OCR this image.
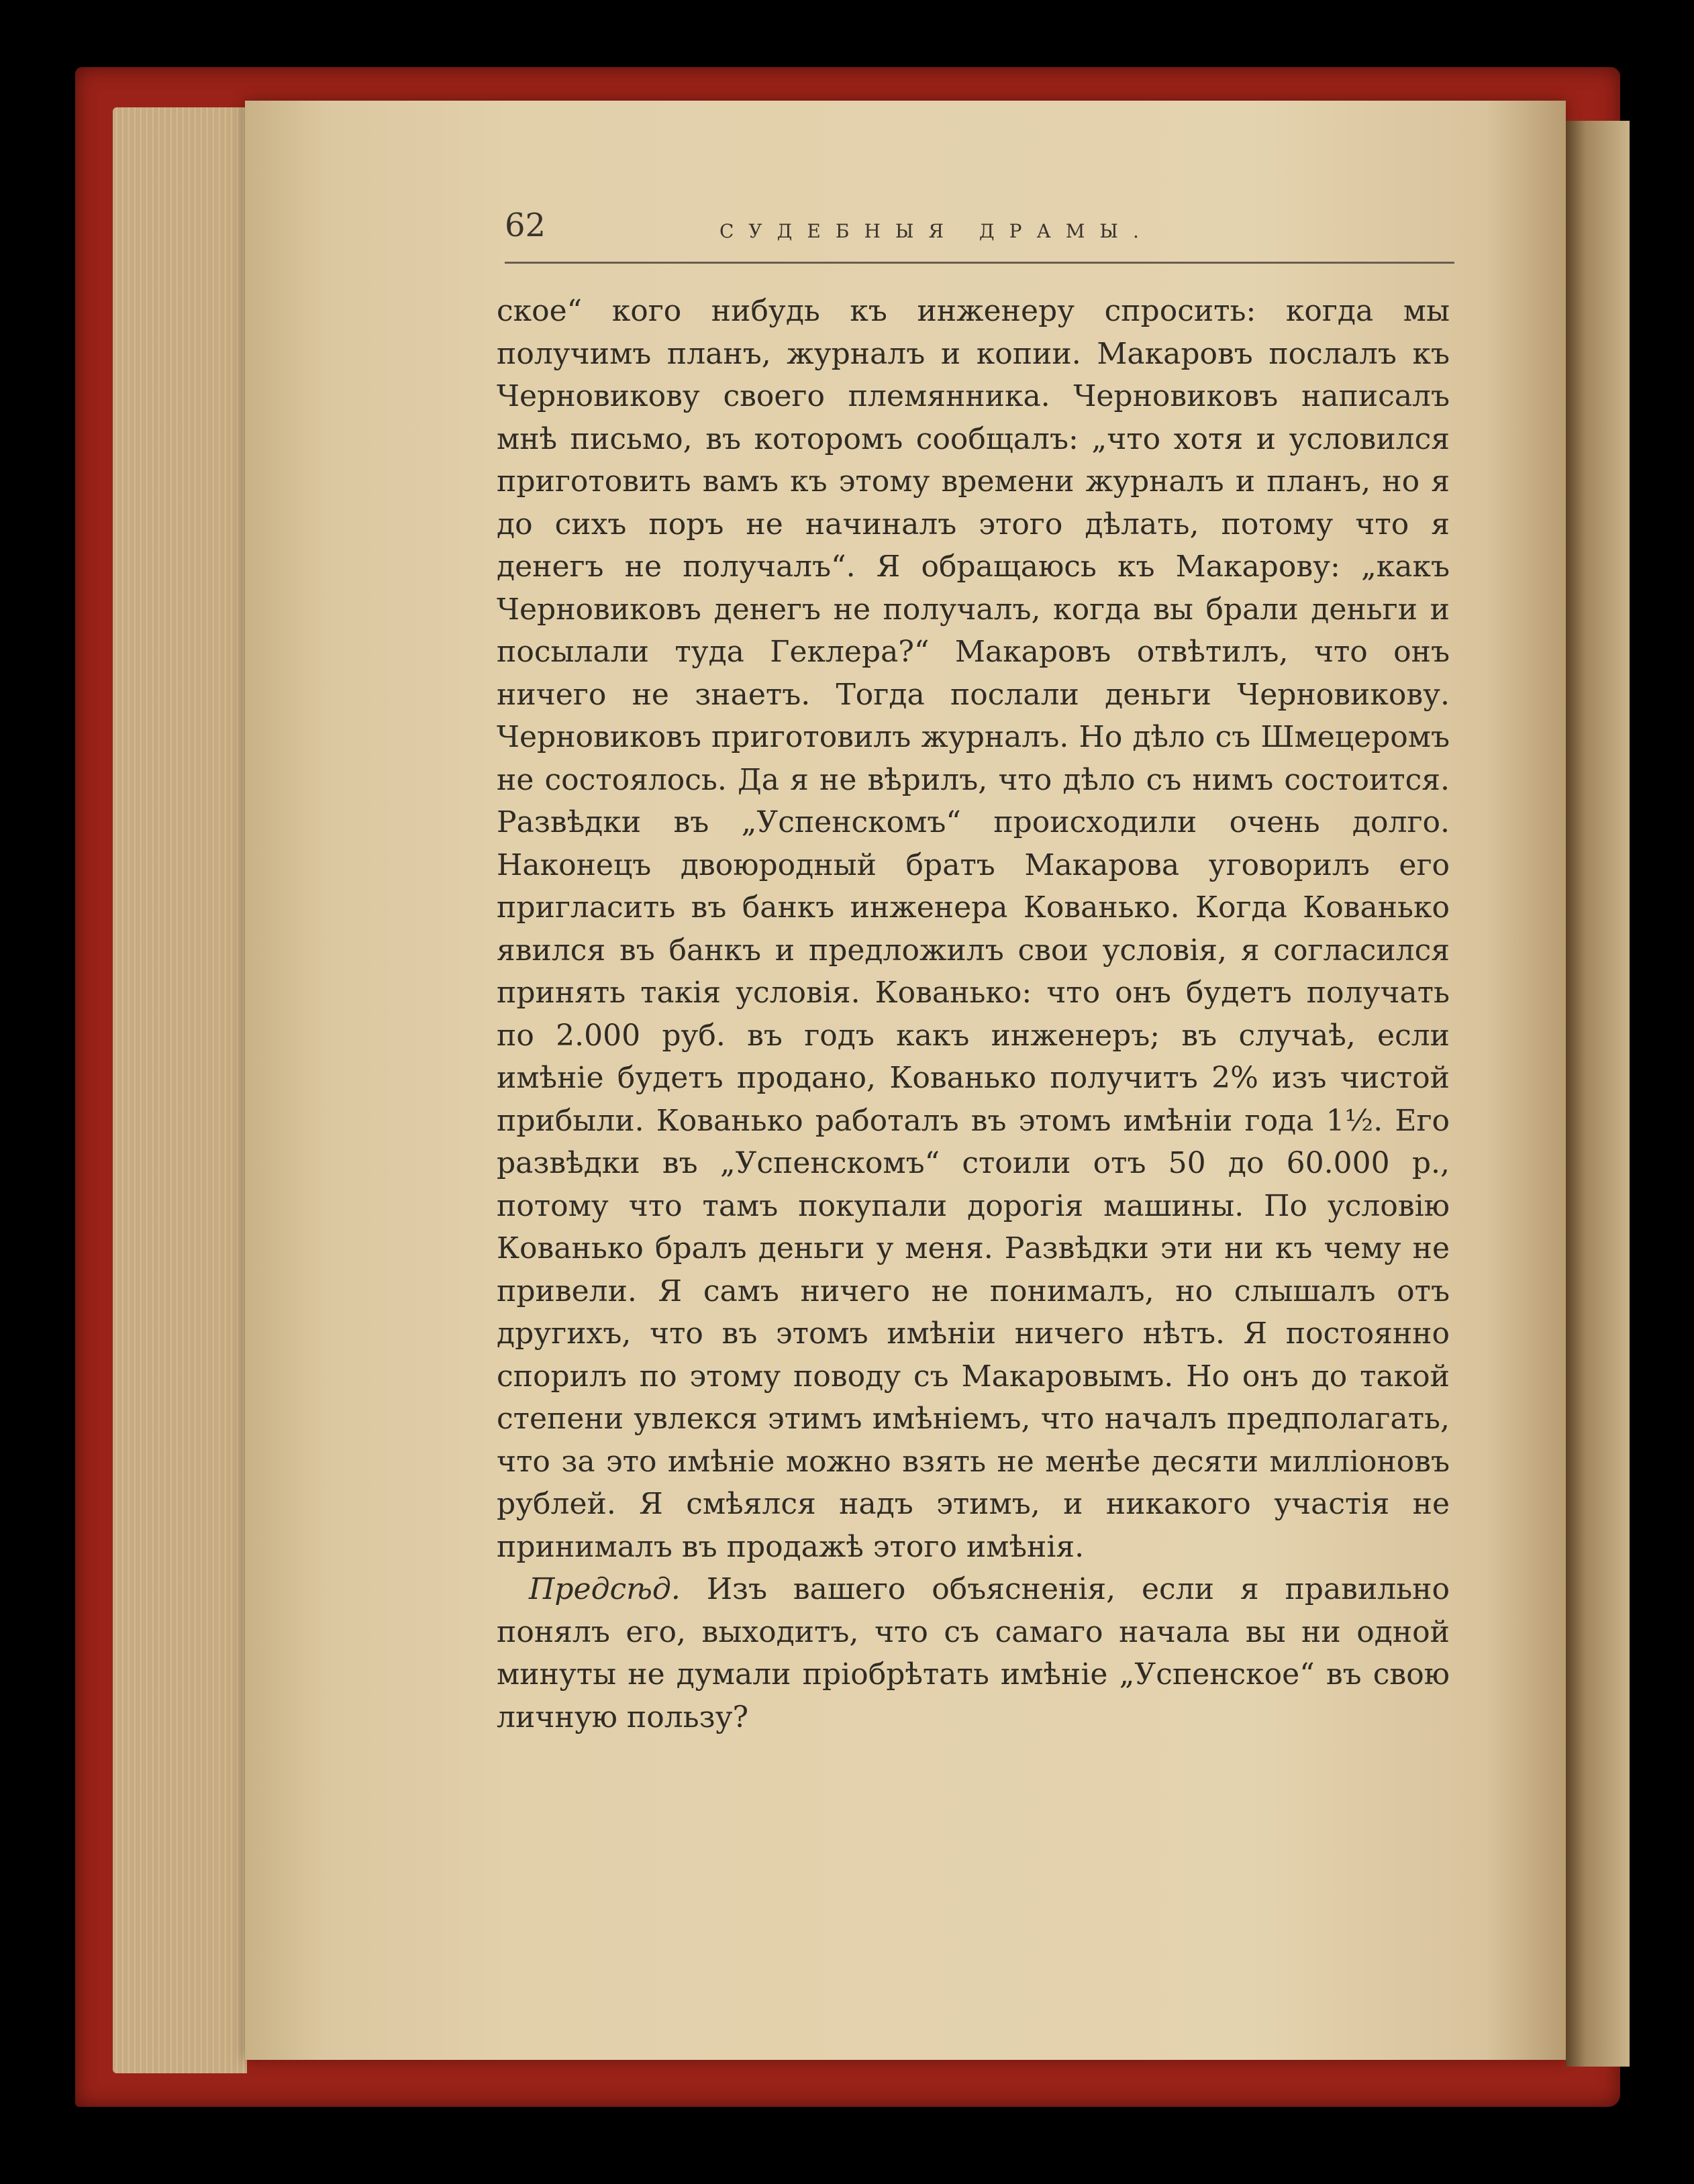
62	СУДЕБНЫЯ ДРАМЫ.

ское“ кого нибудь къ инженеру спросить: когда мы получимъ планъ, журналъ и копии. Макаровъ послалъ къ Черновикову своего племянника. Черновиковъ написалъ мнѣ письмо, въ которомъ сообщалъ: „что хотя и условился приготовить вамъ къ этому времени журналъ и планъ, но я до сихъ поръ не начиналъ этого дѣлать, потому что я денегъ не получалъ“. Я обращаюсь къ Макарову: „какъ Черновиковъ денегъ не получалъ, когда вы брали деньги и посылали туда Геклера?“ Макаровъ отвѣтилъ, что онъ ничего не знаетъ. Тогда послали деньги Черновикову. Черновиковъ приготовилъ журналъ. Но дѣло съ Шмецеромъ не состоялось. Да я не вѣрилъ, что дѣло съ нимъ состоится. Развѣдки въ „Успенскомъ“ происходили очень долго. Наконецъ двоюродный братъ Макарова уговорилъ его пригласить въ банкъ инженера Кованько. Когда Кованько явился въ банкъ и предложилъ свои условія, я согласился принять такія условія. Кованько: что онъ будетъ получать по 2.000 руб. въ годъ какъ инженеръ; въ случаѣ, если имѣніе будетъ продано, Кованько получитъ 2% изъ чистой прибыли. Кованько работалъ въ этомъ имѣніи года 1½. Его развѣдки въ „Успенскомъ“ стоили отъ 50 до 60.000 р., потому что тамъ покупали дорогія машины. По условію Кованько бралъ деньги у меня. Развѣдки эти ни къ чему не привели. Я самъ ничего не понималъ, но слышалъ отъ другихъ, что въ этомъ имѣніи ничего нѣтъ. Я постоянно спорилъ по этому поводу съ Макаровымъ. Но онъ до такой степени увлекся этимъ имѣніемъ, что началъ предполагать, что за это имѣніе можно взять не менѣе десяти милліоновъ рублей. Я смѣялся надъ этимъ, и никакого участія не принималъ въ продажѣ этого имѣнія.

Предсѣд. Изъ вашего объясненія, если я правильно понялъ его, выходитъ, что съ самаго начала вы ни одной минуты не думали пріобрѣтать имѣніе „Успенское“ въ свою личную пользу?
